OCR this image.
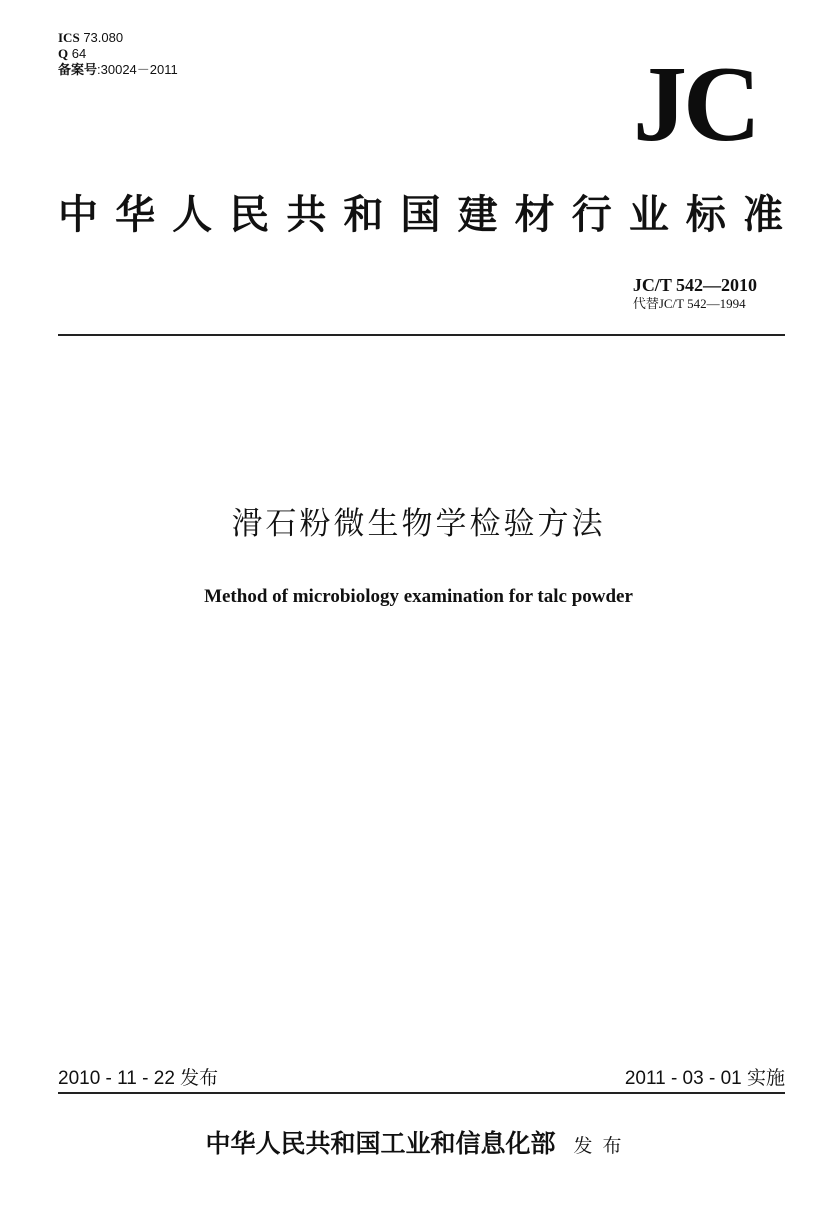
ICS 73.080
Q 64
备案号:30024－2011	JC
中华人民共和国建材行业标准
JC/T 542—2010
代替JC/T 542—1994
滑石粉微生物学检验方法
Method of microbiology examination for talc powder
2010 - 11 - 22 发布	2011 - 03 - 01 实施
中华人民共和国工业和信息化部 发布
